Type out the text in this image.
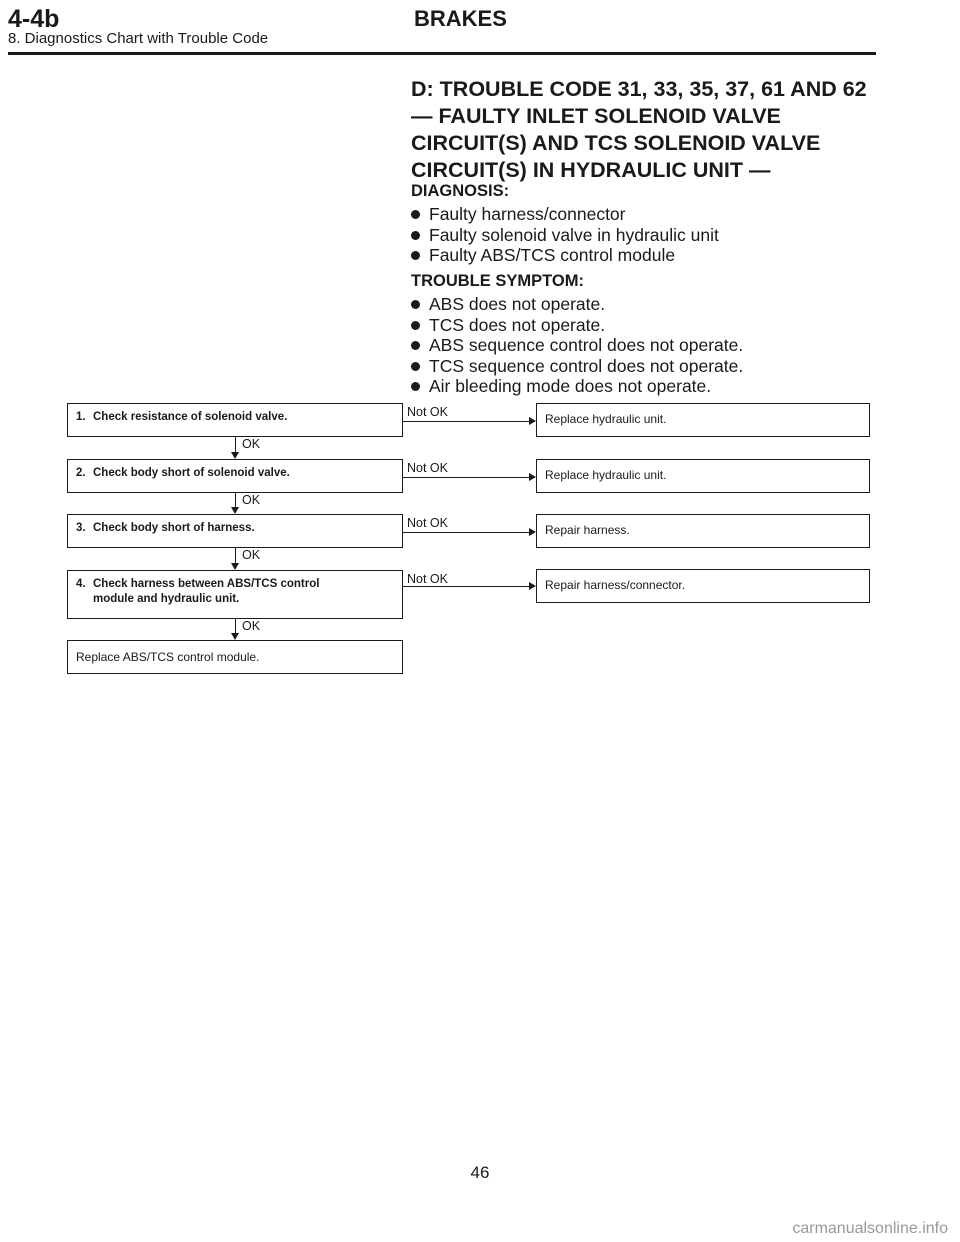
4-4b	BRAKES
8. Diagnostics Chart with Trouble Code
D: TROUBLE CODE 31, 33, 35, 37, 61 AND 62
— FAULTY INLET SOLENOID VALVE
CIRCUIT(S) AND TCS SOLENOID VALVE
CIRCUIT(S) IN HYDRAULIC UNIT —
DIAGNOSIS:
Faulty harness/connector
Faulty solenoid valve in hydraulic unit
Faulty ABS/TCS control module
TROUBLE SYMPTOM:
ABS does not operate.
TCS does not operate.
ABS sequence control does not operate.
TCS sequence control does not operate.
Air bleeding mode does not operate.
1. Check resistance of solenoid valve.	Not OK	Replace hydraulic unit.
OK
2. Check body short of solenoid valve.	Not OK	Replace hydraulic unit.
OK
3. Check body short of harness.	Not OK	Repair harness.
OK
4. Check harness between ABS/TCS control
module and hydraulic unit.
Not OK	Repair harness/connector.
OK
Replace ABS/TCS control module.
46
carmanualsonline.info
